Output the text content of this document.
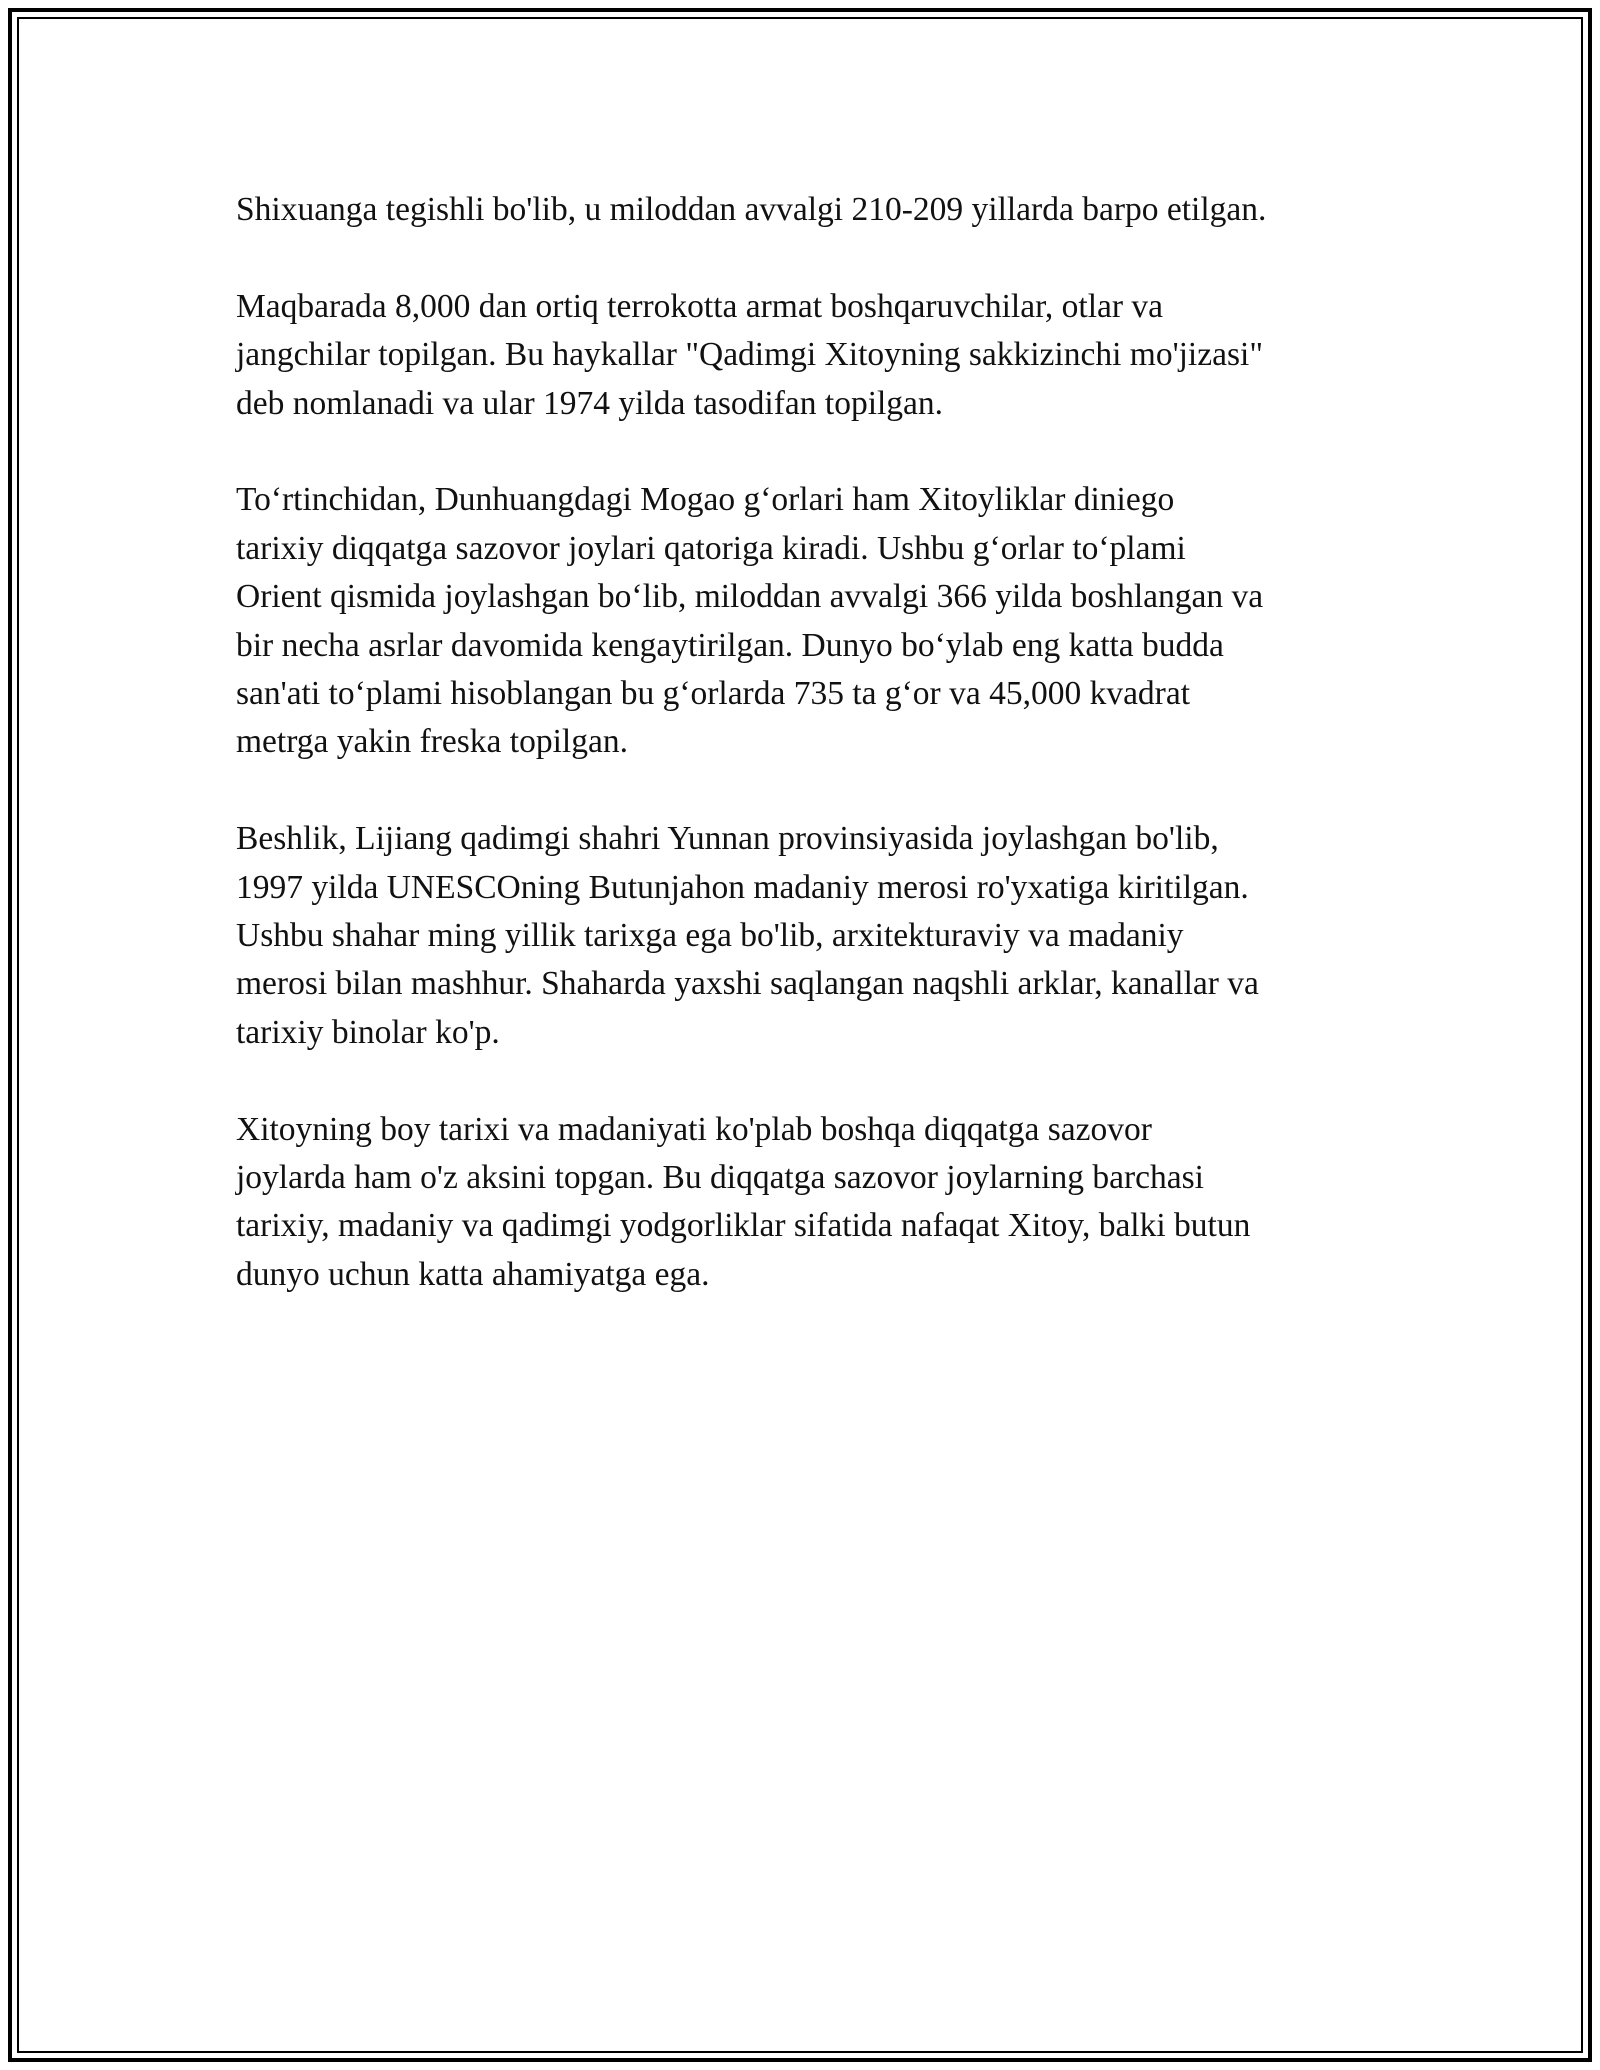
Shixuanga tegishli bo'lib, u miloddan avvalgi 210-209 yillarda barpo etilgan.

Maqbarada 8,000 dan ortiq terrokotta armat boshqaruvchilar, otlar va
jangchilar topilgan. Bu haykallar "Qadimgi Xitoyning sakkizinchi mo'jizasi"
deb nomlanadi va ular 1974 yilda tasodifan topilgan.

To‘rtinchidan, Dunhuangdagi Mogao g‘orlari ham Xitoyliklar diniego
tarixiy diqqatga sazovor joylari qatoriga kiradi. Ushbu g‘orlar to‘plami
Orient qismida joylashgan bo‘lib, miloddan avvalgi 366 yilda boshlangan va
bir necha asrlar davomida kengaytirilgan. Dunyo bo‘ylab eng katta budda
san'ati to‘plami hisoblangan bu g‘orlarda 735 ta g‘or va 45,000 kvadrat
metrga yakin freska topilgan.

Beshlik, Lijiang qadimgi shahri Yunnan provinsiyasida joylashgan bo'lib,
1997 yilda UNESCOning Butunjahon madaniy merosi ro'yxatiga kiritilgan.
Ushbu shahar ming yillik tarixga ega bo'lib, arxitekturaviy va madaniy
merosi bilan mashhur. Shaharda yaxshi saqlangan naqshli arklar, kanallar va
tarixiy binolar ko'p.

Xitoyning boy tarixi va madaniyati ko'plab boshqa diqqatga sazovor
joylarda ham o'z aksini topgan. Bu diqqatga sazovor joylarning barchasi
tarixiy, madaniy va qadimgi yodgorliklar sifatida nafaqat Xitoy, balki butun
dunyo uchun katta ahamiyatga ega.
